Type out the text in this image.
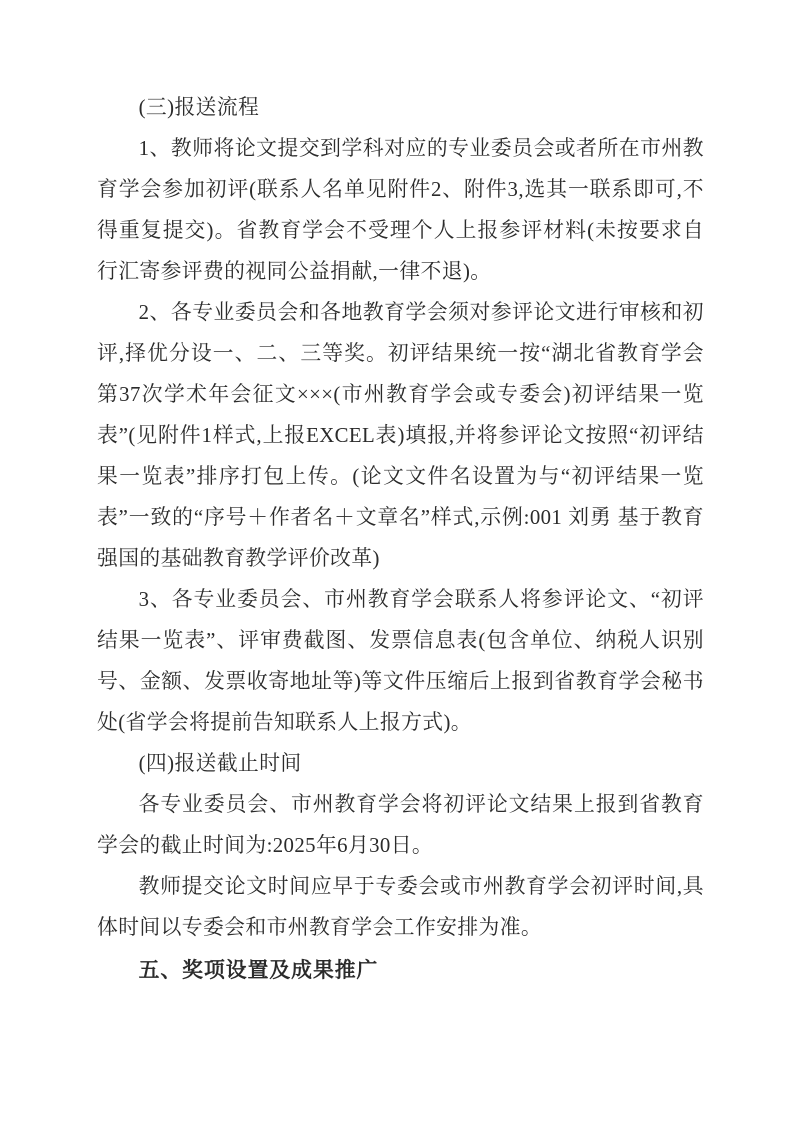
(三)报送流程

1、教师将论文提交到学科对应的专业委员会或者所在市州教育学会参加初评(联系人名单见附件2、附件3,选其一联系即可,不得重复提交)。省教育学会不受理个人上报参评材料(未按要求自行汇寄参评费的视同公益捐献,一律不退)。

2、各专业委员会和各地教育学会须对参评论文进行审核和初评,择优分设一、二、三等奖。初评结果统一按“湖北省教育学会第37次学术年会征文×××(市州教育学会或专委会)初评结果一览表”(见附件1样式,上报EXCEL表)填报,并将参评论文按照“初评结果一览表”排序打包上传。(论文文件名设置为与“初评结果一览表”一致的“序号＋作者名＋文章名”样式,示例:001 刘勇 基于教育强国的基础教育教学评价改革)

3、各专业委员会、市州教育学会联系人将参评论文、“初评结果一览表”、评审费截图、发票信息表(包含单位、纳税人识别号、金额、发票收寄地址等)等文件压缩后上报到省教育学会秘书处(省学会将提前告知联系人上报方式)。

(四)报送截止时间

各专业委员会、市州教育学会将初评论文结果上报到省教育学会的截止时间为:2025年6月30日。

教师提交论文时间应早于专委会或市州教育学会初评时间,具体时间以专委会和市州教育学会工作安排为准。

五、奖项设置及成果推广
